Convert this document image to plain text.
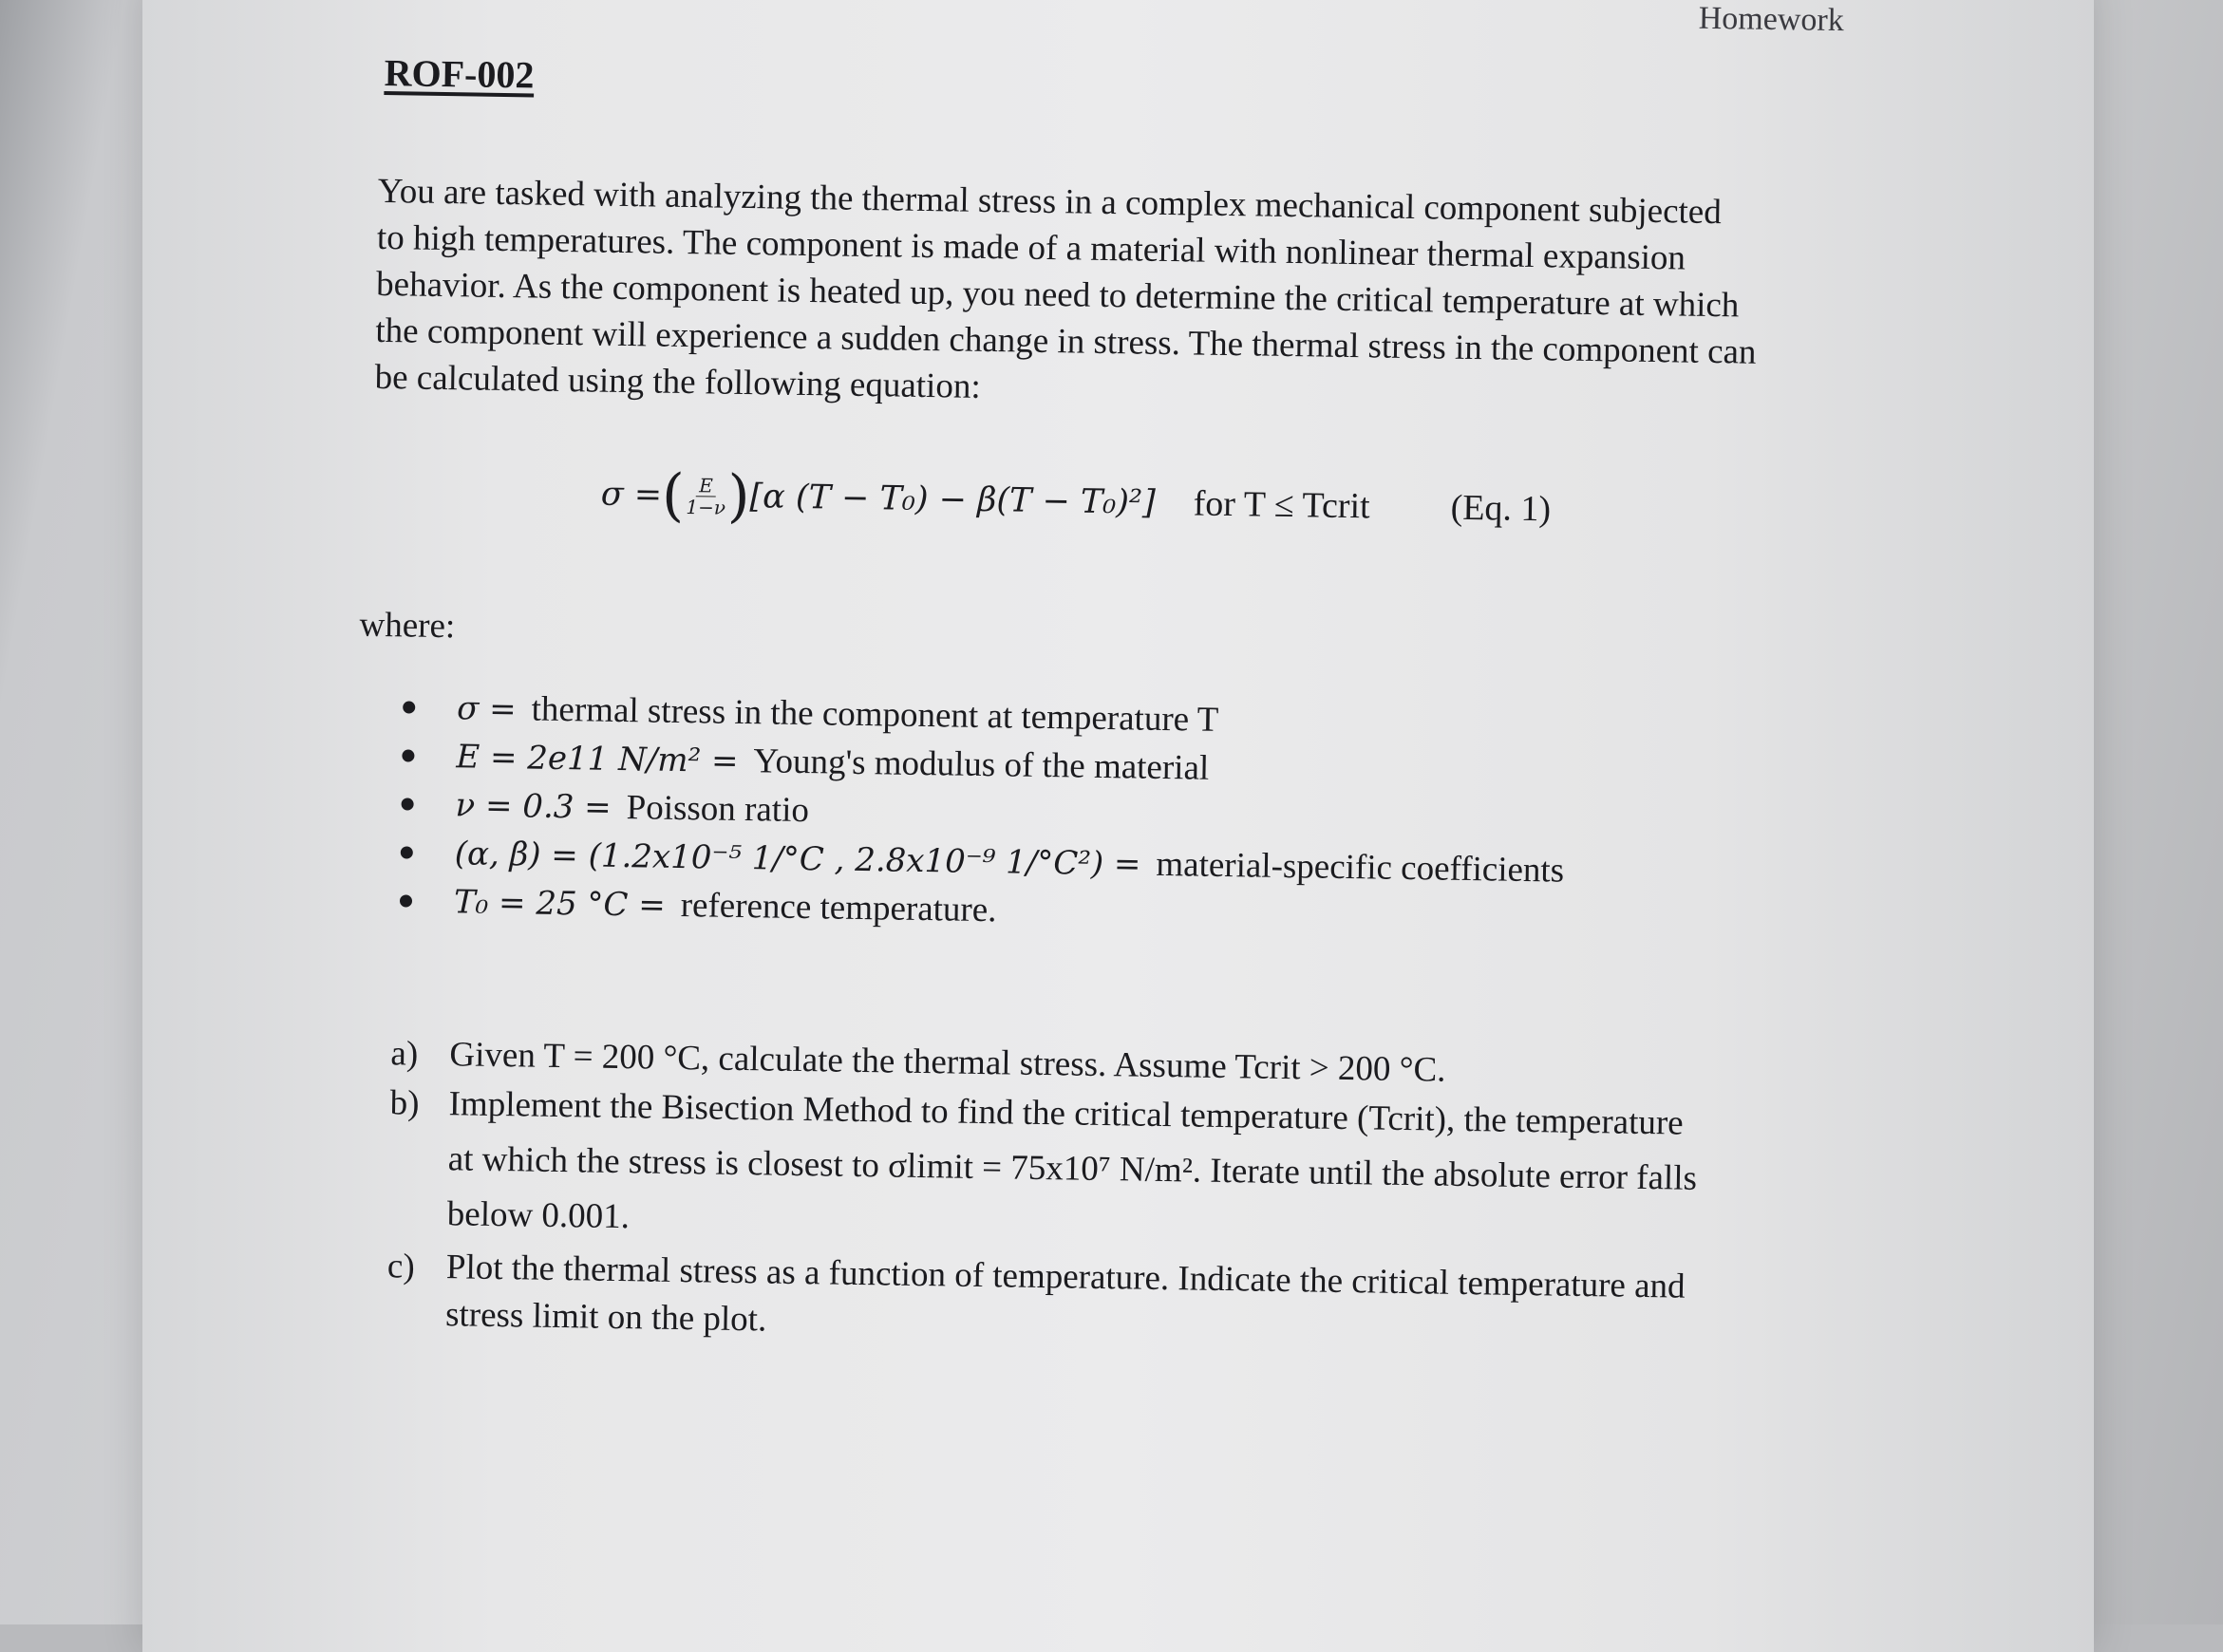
Homework
ROF-002
You are tasked with analyzing the thermal stress in a complex mechanical component subjected
to high temperatures. The component is made of a material with nonlinear thermal expansion
behavior. As the component is heated up, you need to determine the critical temperature at which
the component will experience a sudden change in stress. The thermal stress in the component can
be calculated using the following equation:
σ = ( $\frac{E}{1-\nu}$ ) [α (T − T₀) − β(T − T₀)²] for T ≤ Tcrit (Eq. 1)
where:
σ = thermal stress in the component at temperature T
E = 2e11 N/m² = Young's modulus of the material
ν = 0.3 = Poisson ratio
(α, β) = (1.2x10⁻⁵ 1/°C , 2.8x10⁻⁹ 1/°C²) = material-specific coefficients
T₀ = 25 °C = reference temperature.
a) Given T = 200 °C, calculate the thermal stress. Assume Tcrit > 200 °C.
b) Implement the Bisection Method to find the critical temperature (Tcrit), the temperature
at which the stress is closest to σlimit = 75x10⁷ N/m². Iterate until the absolute error falls
below 0.001.
c) Plot the thermal stress as a function of temperature. Indicate the critical temperature and
stress limit on the plot.
